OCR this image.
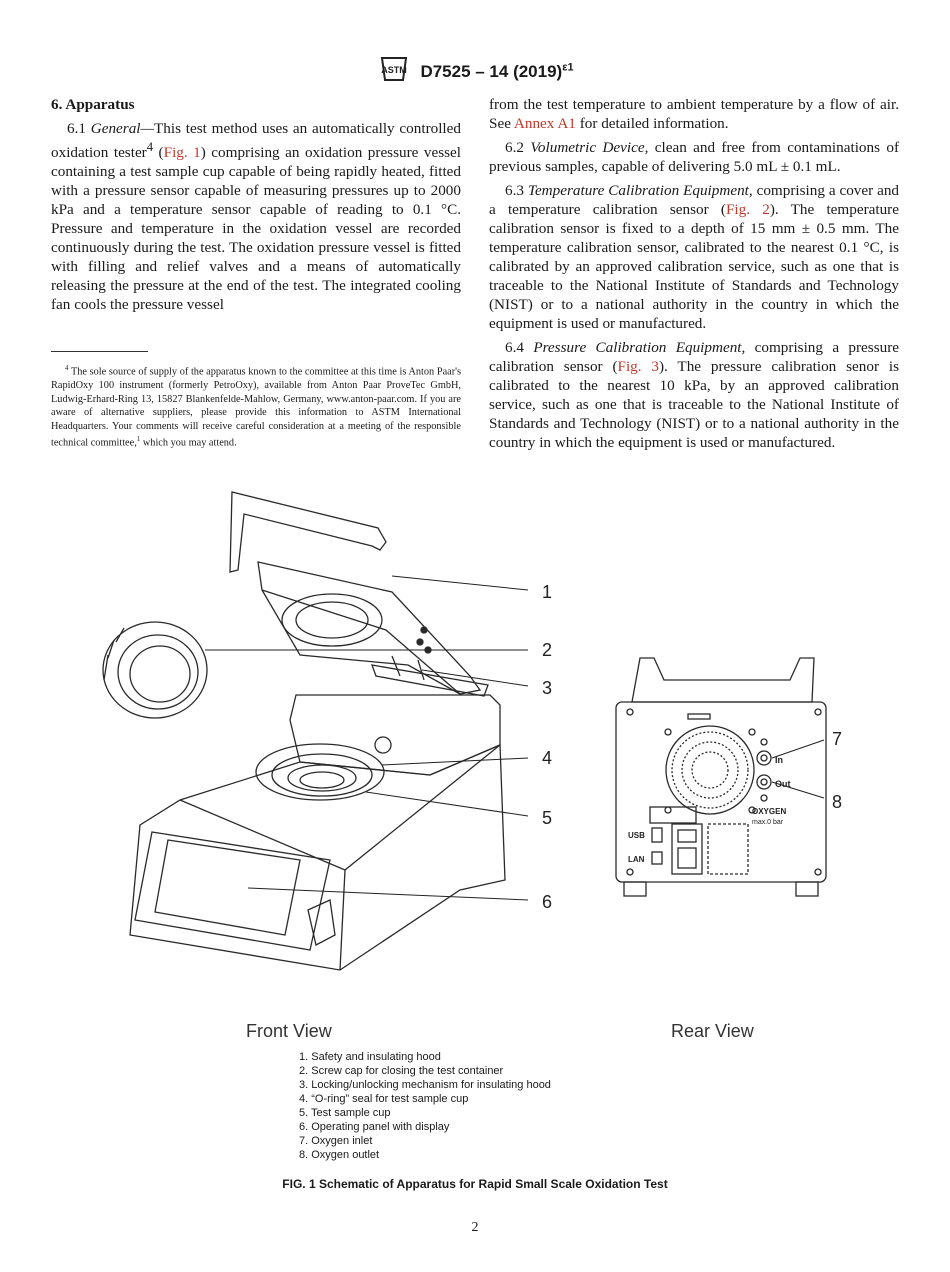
ASTM D7525 – 14 $(2019)^{\varepsilon 1}$

6. Apparatus

6.1 General—This test method uses an automatically controlled oxidation tester$^4$ (Fig. 1) comprising an oxidation pressure vessel containing a test sample cup capable of being rapidly heated, fitted with a pressure sensor capable of measuring pressures up to 2000 kPa and a temperature sensor capable of reading to 0.1 °C. Pressure and temperature in the oxidation vessel are recorded continuously during the test. The oxidation pressure vessel is fitted with filling and relief valves and a means of automatically releasing the pressure at the end of the test. The integrated cooling fan cools the pressure vessel

from the test temperature to ambient temperature by a flow of air. See Annex A1 for detailed information.

6.2 Volumetric Device, clean and free from contaminations of previous samples, capable of delivering 5.0 mL ± 0.1 mL.

6.3 Temperature Calibration Equipment, comprising a cover and a temperature calibration sensor (Fig. 2). The temperature calibration sensor is fixed to a depth of 15 mm ± 0.5 mm. The temperature calibration sensor, calibrated to the nearest 0.1 °C, is calibrated by an approved calibration service, such as one that is traceable to the National Institute of Standards and Technology (NIST) or to a national authority in the country in which the equipment is used or manufactured.

6.4 Pressure Calibration Equipment, comprising a pressure calibration sensor (Fig. 3). The pressure calibration senor is calibrated to the nearest 10 kPa, by an approved calibration service, such as one that is traceable to the National Institute of Standards and Technology (NIST) or to a national authority in the country in which the equipment is used or manufactured.

$^4$ The sole source of supply of the apparatus known to the committee at this time is Anton Paar's RapidOxy 100 instrument (formerly PetroOxy), available from Anton Paar ProveTec GmbH, Ludwig-Erhard-Ring 13, 15827 Blankenfelde-Mahlow, Germany, www.anton-paar.com. If you are aware of alternative suppliers, please provide this information to ASTM International Headquarters. Your comments will receive careful consideration at a meeting of the responsible technical committee,$^1$ which you may attend.
1
2
3
4
5
6
7
8
In
Out
USB
LAN
OXYGEN
max.0 bar
Front View	Rear View
1. Safety and insulating hood
2. Screw cap for closing the test container
3. Locking/unlocking mechanism for insulating hood
4. “O-ring” seal for test sample cup
5. Test sample cup
6. Operating panel with display
7. Oxygen inlet
8. Oxygen outlet
FIG. 1 Schematic of Apparatus for Rapid Small Scale Oxidation Test
2
